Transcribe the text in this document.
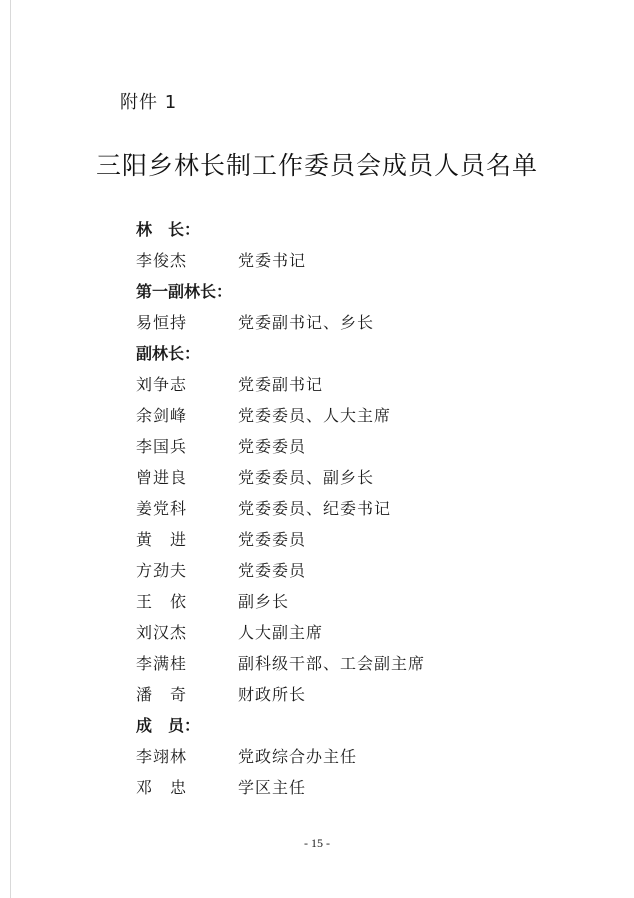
附件 1
三阳乡林长制工作委员会成员人员名单
林　长：
李俊杰	党委书记
第一副林长：
易恒持	党委副书记、乡长
副林长：
刘争志	党委副书记
余剑峰	党委委员、人大主席
李国兵	党委委员
曾进良	党委委员、副乡长
姜党科	党委委员、纪委书记
黄　进	党委委员
方劲夫	党委委员
王　依	副乡长
刘汉杰	人大副主席
李满桂	副科级干部、工会副主席
潘　奇	财政所长
成　员：
李翊林	党政综合办主任
邓　忠	学区主任
- 15 -
